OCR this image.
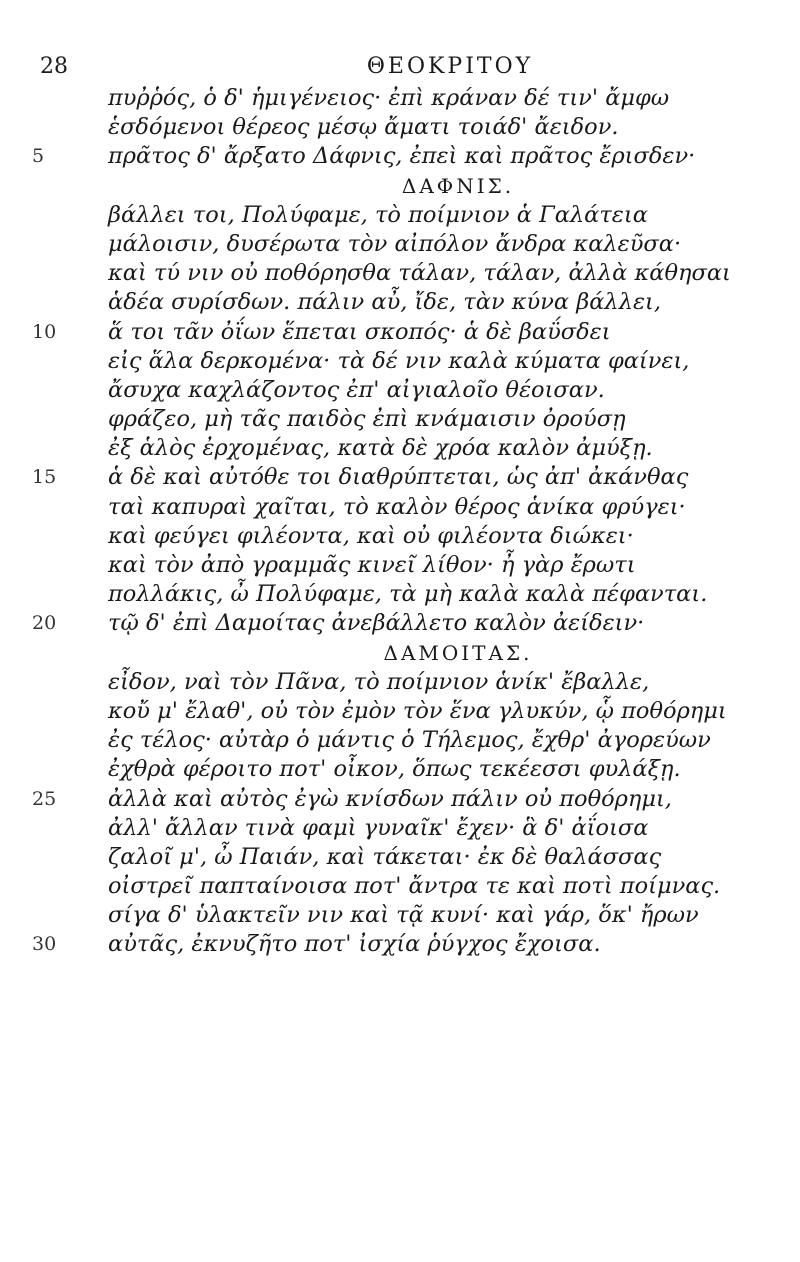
28	ΘΕΟΚΡΙΤΟΥ
πυῤῥός, ὁ δ' ἡμιγένειος· ἐπὶ κράναν δέ τιν' ἄμφω
ἑσδόμενοι θέρεος μέσῳ ἄματι τοιάδ' ἄειδον.
5	πρᾶτος δ' ἄρξατο Δάφνις, ἐπεὶ καὶ πρᾶτος ἔρισδεν·
ΔΑΦΝΙΣ.
βάλλει τοι, Πολύφαμε, τὸ ποίμνιον ἁ Γαλάτεια
μάλοισιν, δυσέρωτα τὸν αἰπόλον ἄνδρα καλεῦσα·
καὶ τύ νιν οὐ ποθόρησθα τάλαν, τάλαν, ἀλλὰ κάθησαι
ἁδέα συρίσδων. πάλιν αὖ, ἴδε, τὰν κύνα βάλλει,
10	ἅ τοι τᾶν ὀΐων ἕπεται σκοπός· ἁ δὲ βαΰσδει
εἰς ἅλα δερκομένα· τὰ δέ νιν καλὰ κύματα φαίνει,
ἄσυχα καχλάζοντος ἐπ' αἰγιαλοῖο θέοισαν.
φράζεο, μὴ τᾶς παιδὸς ἐπὶ κνάμαισιν ὀρούσῃ
ἐξ ἁλὸς ἐρχομένας, κατὰ δὲ χρόα καλὸν ἀμύξῃ.
15	ἁ δὲ καὶ αὐτόθε τοι διαθρύπτεται, ὡς ἀπ' ἀκάνθας
ταὶ καπυραὶ χαῖται, τὸ καλὸν θέρος ἁνίκα φρύγει·
καὶ φεύγει φιλέοντα, καὶ οὐ φιλέοντα διώκει·
καὶ τὸν ἀπὸ γραμμᾶς κινεῖ λίθον· ἦ γὰρ ἔρωτι
πολλάκις, ὦ Πολύφαμε, τὰ μὴ καλὰ καλὰ πέφανται.
20	τῷ δ' ἐπὶ Δαμοίτας ἀνεβάλλετο καλὸν ἀείδειν·
ΔΑΜΟΙΤΑΣ.
εἶδον, ναὶ τὸν Πᾶνα, τὸ ποίμνιον ἁνίκ' ἔβαλλε,
κοὔ μ' ἔλαθ', οὐ τὸν ἐμὸν τὸν ἕνα γλυκύν, ᾧ ποθόρημι
ἐς τέλος· αὐτὰρ ὁ μάντις ὁ Τήλεμος, ἔχθρ' ἀγορεύων
ἐχθρὰ φέροιτο ποτ' οἶκον, ὅπως τεκέεσσι φυλάξῃ.
25	ἀλλὰ καὶ αὐτὸς ἐγὼ κνίσδων πάλιν οὐ ποθόρημι,
ἀλλ' ἄλλαν τινὰ φαμὶ γυναῖκ' ἔχεν· ἃ δ' ἀΐοισα
ζαλοῖ μ', ὦ Παιάν, καὶ τάκεται· ἐκ δὲ θαλάσσας
οἰστρεῖ παπταίνοισα ποτ' ἄντρα τε καὶ ποτὶ ποίμνας.
σίγα δ' ὑλακτεῖν νιν καὶ τᾷ κυνί· καὶ γάρ, ὅκ' ἤρων
30	αὐτᾶς, ἐκνυζῆτο ποτ' ἰσχία ῥύγχος ἔχοισα.
